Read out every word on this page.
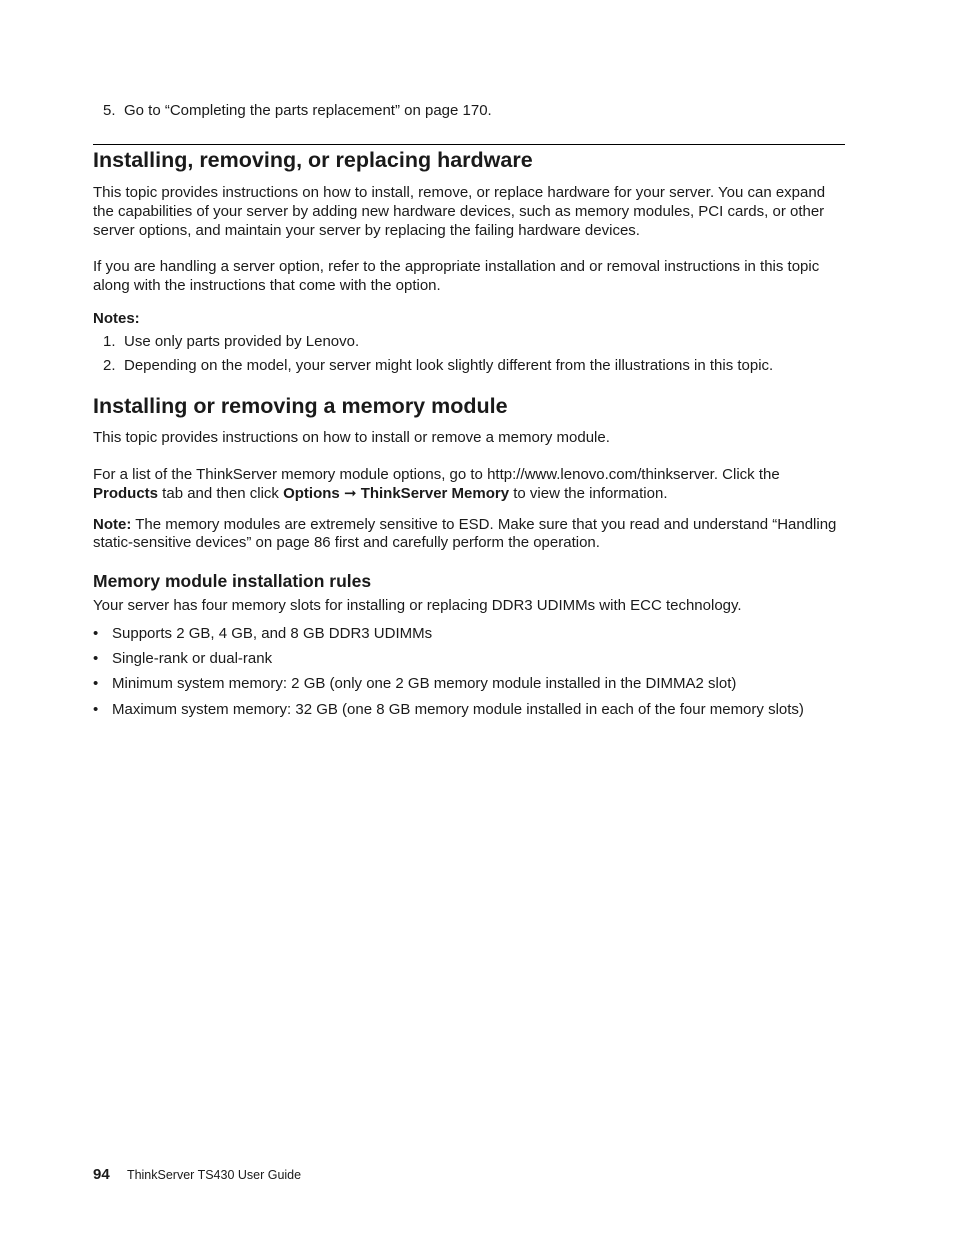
5. Go to “Completing the parts replacement” on page 170.
Installing, removing, or replacing hardware

This topic provides instructions on how to install, remove, or replace hardware for your server. You can expand the capabilities of your server by adding new hardware devices, such as memory modules, PCI cards, or other server options, and maintain your server by replacing the failing hardware devices.

If you are handling a server option, refer to the appropriate installation and or removal instructions in this topic along with the instructions that come with the option.

Notes:

1. Use only parts provided by Lenovo.
2. Depending on the model, your server might look slightly different from the illustrations in this topic.
Installing or removing a memory module

This topic provides instructions on how to install or remove a memory module.

For a list of the ThinkServer memory module options, go to http://www.lenovo.com/thinkserver. Click the Products tab and then click Options ➞ ThinkServer Memory to view the information.

Note: The memory modules are extremely sensitive to ESD. Make sure that you read and understand “Handling static-sensitive devices” on page 86 first and carefully perform the operation.

Memory module installation rules

Your server has four memory slots for installing or replacing DDR3 UDIMMs with ECC technology.

• Supports 2 GB, 4 GB, and 8 GB DDR3 UDIMMs
• Single-rank or dual-rank
• Minimum system memory: 2 GB (only one 2 GB memory module installed in the DIMMA2 slot)
• Maximum system memory: 32 GB (one 8 GB memory module installed in each of the four memory slots)
94 ThinkServer TS430 User Guide
